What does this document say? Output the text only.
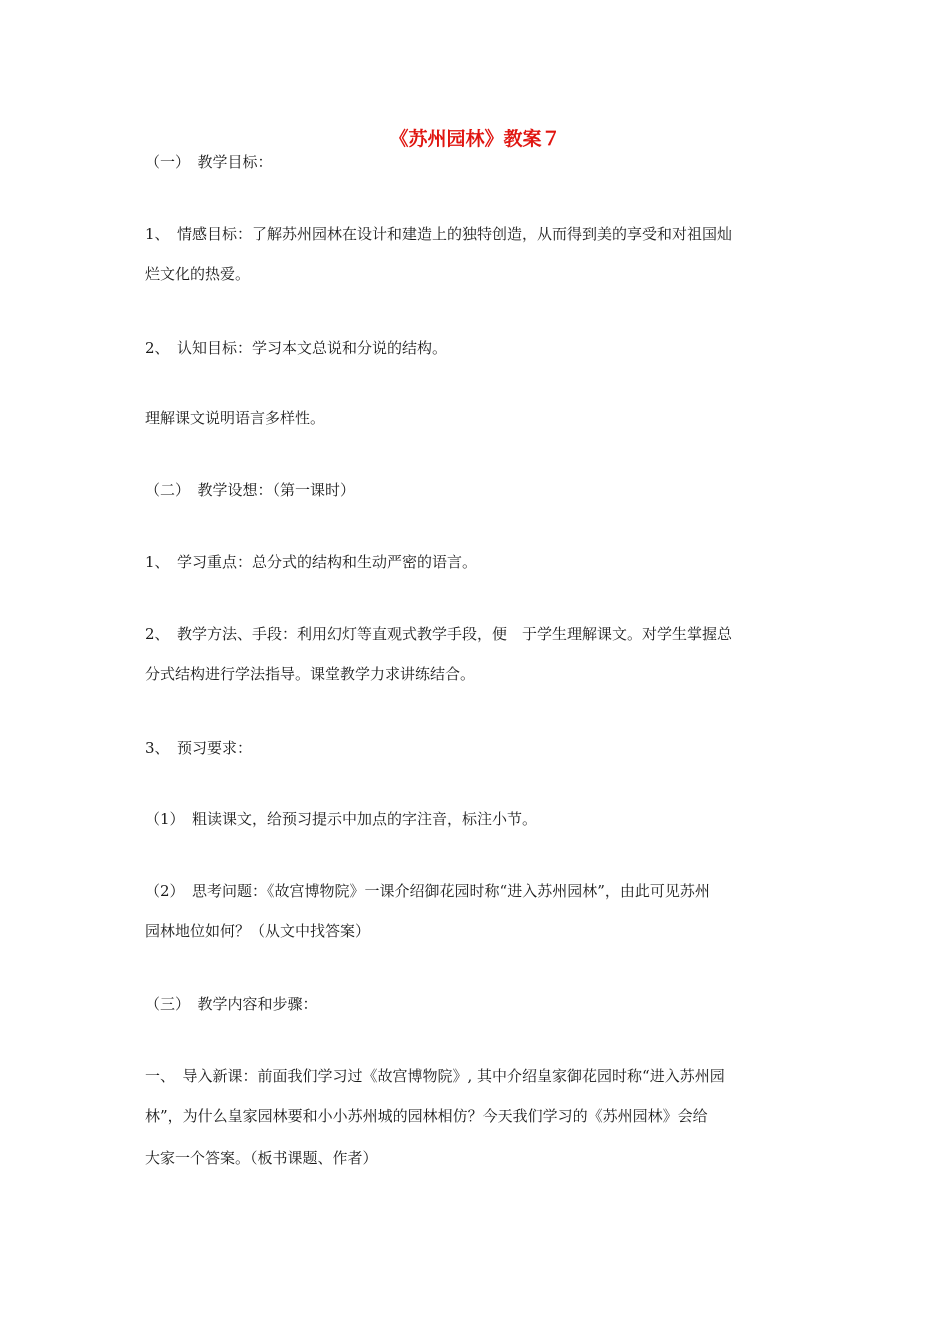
《苏州园林》教案７
（一）　教学目标：
1、　情感目标：了解苏州园林在设计和建造上的独特创造，从而得到美的享受和对祖国灿
烂文化的热爱。
2、　认知目标：学习本文总说和分说的结构。
理解课文说明语言多样性。
（二）　教学设想：（第一课时）
1、　学习重点：总分式的结构和生动严密的语言。
2、　教学方法、手段：利用幻灯等直观式教学手段，便　于学生理解课文。对学生掌握总
分式结构进行学法指导。课堂教学力求讲练结合。
3、　预习要求：
（1）　粗读课文，给预习提示中加点的字注音，标注小节。
（2）　思考问题：《故宫博物院》一课介绍御花园时称“进入苏州园林”，由此可见苏州
园林地位如何？（从文中找答案）
（三）　教学内容和步骤：
一、　导入新课：前面我们学习过《故宫博物院》, 其中介绍皇家御花园时称“进入苏州园
林”，为什么皇家园林要和小小苏州城的园林相仿？今天我们学习的《苏州园林》会给
大家一个答案。（板书课题、作者）
